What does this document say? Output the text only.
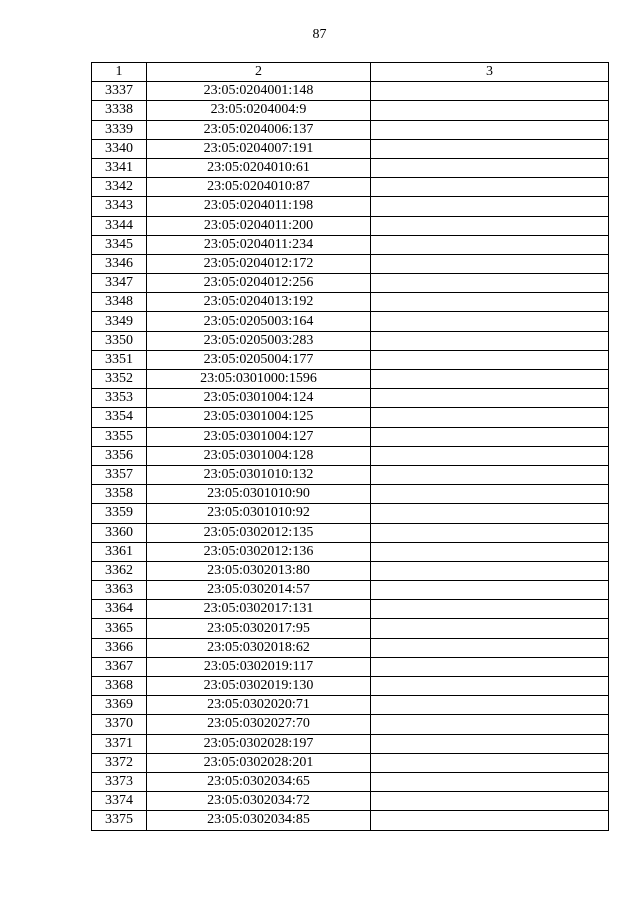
87
1	2	3
3337	23:05:0204001:148	
3338	23:05:0204004:9	
3339	23:05:0204006:137	
3340	23:05:0204007:191	
3341	23:05:0204010:61	
3342	23:05:0204010:87	
3343	23:05:0204011:198	
3344	23:05:0204011:200	
3345	23:05:0204011:234	
3346	23:05:0204012:172	
3347	23:05:0204012:256	
3348	23:05:0204013:192	
3349	23:05:0205003:164	
3350	23:05:0205003:283	
3351	23:05:0205004:177	
3352	23:05:0301000:1596	
3353	23:05:0301004:124	
3354	23:05:0301004:125	
3355	23:05:0301004:127	
3356	23:05:0301004:128	
3357	23:05:0301010:132	
3358	23:05:0301010:90	
3359	23:05:0301010:92	
3360	23:05:0302012:135	
3361	23:05:0302012:136	
3362	23:05:0302013:80	
3363	23:05:0302014:57	
3364	23:05:0302017:131	
3365	23:05:0302017:95	
3366	23:05:0302018:62	
3367	23:05:0302019:117	
3368	23:05:0302019:130	
3369	23:05:0302020:71	
3370	23:05:0302027:70	
3371	23:05:0302028:197	
3372	23:05:0302028:201	
3373	23:05:0302034:65	
3374	23:05:0302034:72	
3375	23:05:0302034:85	
